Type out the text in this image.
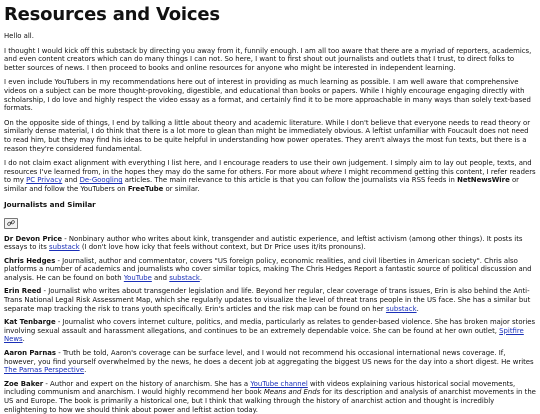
Resources and Voices

Hello all.

I thought I would kick off this substack by directing you away from it, funnily enough. I am all too aware that there are a myriad of reporters, academics, and even content creators which can do many things I can not. So here, I want to first shout out journalists and outlets that I trust, to direct folks to better sources of news. I then proceed to books and online resources for anyone who might be interested in independent learning.

I even include YouTubers in my recommendations here out of interest in providing as much learning as possible. I am well aware that comprehensive videos on a subject can be more thought-provoking, digestible, and educational than books or papers. While I highly encourage engaging directly with scholarship, I do love and highly respect the video essay as a format, and certainly find it to be more approachable in many ways than solely text-based formats.

On the opposite side of things, I end by talking a little about theory and academic literature. While I don't believe that everyone needs to read theory or similarly dense material, I do think that there is a lot more to glean than might be immediately obvious. A leftist unfamiliar with Foucault does not need to read him, but they may find his ideas to be quite helpful in understanding how power operates. They aren't always the most fun texts, but there is a reason they're considered fundamental.

I do not claim exact alignment with everything I list here, and I encourage readers to use their own judgement. I simply aim to lay out people, texts, and resources I've learned from, in the hopes they may do the same for others. For more about where I might recommend getting this content, I refer readers to my PC Privacy and De-Googling articles. The main relevance to this article is that you can follow the journalists via RSS feeds in NetNewsWire or similar and follow the YouTubers on FreeTube or similar.

Journalists and Similar

Dr Devon Price - Nonbinary author who writes about kink, transgender and autistic experience, and leftist activism (among other things). It posts its essays to its substack (I don't love how icky that feels without context, but Dr Price uses it/its pronouns).

Chris Hedges - Journalist, author and commentator, covers "US foreign policy, economic realities, and civil liberties in American society". Chris also platforms a number of academics and journalists who cover similar topics, making The Chris Hedges Report a fantastic source of political discussion and analysis. He can be found on both YouTube and substack.

Erin Reed - Journalist who writes about transgender legislation and life. Beyond her regular, clear coverage of trans issues, Erin is also behind the Anti-Trans National Legal Risk Assessment Map, which she regularly updates to visualize the level of threat trans people in the US face. She has a similar but separate map tracking the risk to trans youth specifically. Erin's articles and the risk map can be found on her substack.

Kat Tenbarge - Journalist who covers internet culture, politics, and media, particularly as relates to gender-based violence. She has broken major stories involving sexual assault and harassment allegations, and continues to be an extremely dependable voice. She can be found at her own outlet, Spitfire News.

Aaron Parnas - Truth be told, Aaron's coverage can be surface level, and I would not recommend his occasional international news coverage. If, however, you find yourself overwhelmed by the news, he does a decent job at aggregating the biggest US news for the day into a short digest. He writes The Parnas Perspective.

Zoe Baker - Author and expert on the history of anarchism. She has a YouTube channel with videos explaining various historical social movements, including communism and anarchism. I would highly recommend her book Means and Ends for its description and analysis of anarchist movements in the US and Europe. The book is primarily a historical one, but I think that walking through the history of anarchist action and thought is incredibly enlightening to how we should think about power and leftist action today.
